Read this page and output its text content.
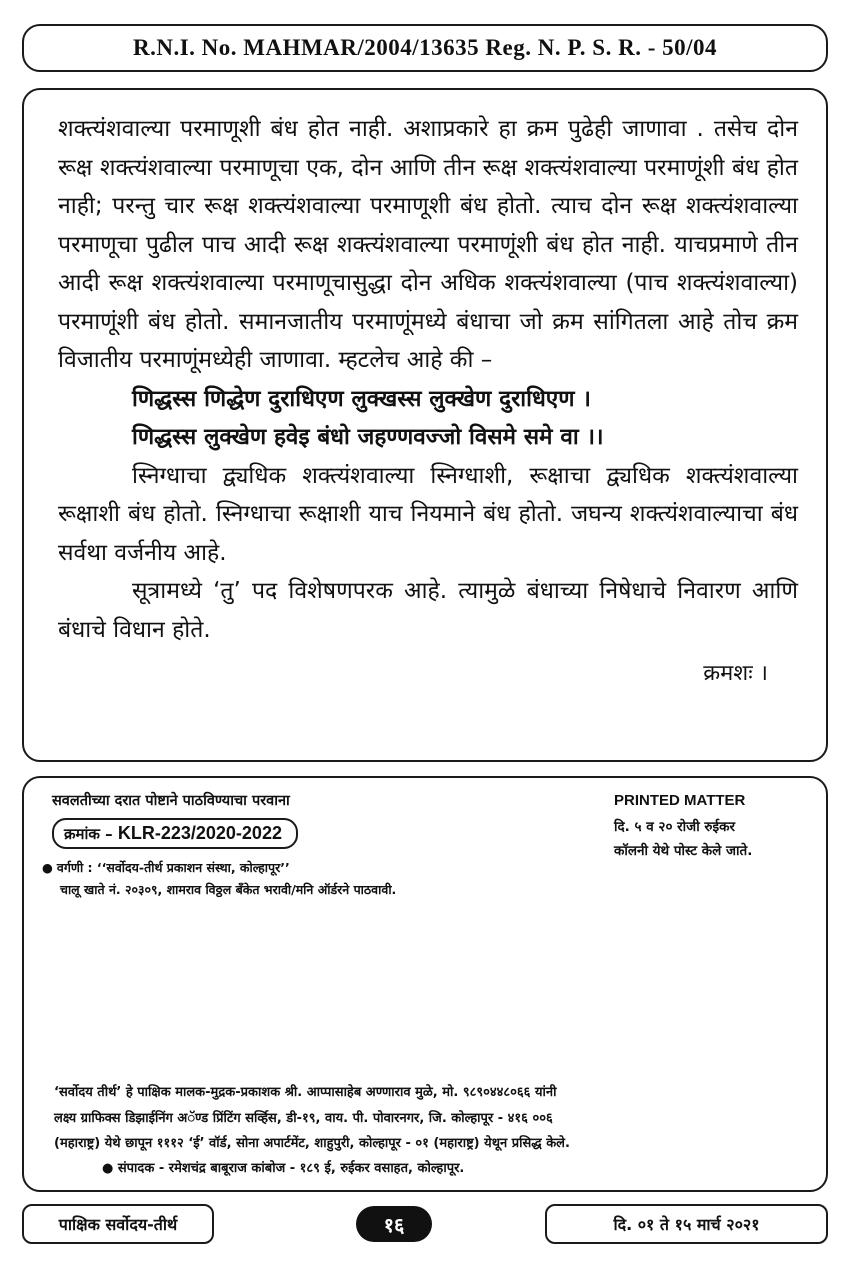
R.N.I. No. MAHMAR/2004/13635 Reg. N. P. S. R. - 50/04

शक्त्यंशवाल्या परमाणूशी बंध होत नाही. अशाप्रकारे हा क्रम पुढेही जाणावा . तसेच दोन रूक्ष शक्त्यंशवाल्या परमाणूचा एक, दोन आणि तीन रूक्ष शक्त्यंशवाल्या परमाणूंशी बंध होत नाही; परन्तु चार रूक्ष शक्त्यंशवाल्या परमाणूशी बंध होतो. त्याच दोन रूक्ष शक्त्यंशवाल्या परमाणूचा पुढील पाच आदी रूक्ष शक्त्यंशवाल्या परमाणूंशी बंध होत नाही. याचप्रमाणे तीन आदी रूक्ष शक्त्यंशवाल्या परमाणूचासुद्धा दोन अधिक शक्त्यंशवाल्या (पाच शक्त्यंशवाल्या) परमाणूंशी बंध होतो. समानजातीय परमाणूंमध्ये बंधाचा जो क्रम सांगितला आहे तोच क्रम विजातीय परमाणूंमध्येही जाणावा. म्हटलेच आहे की –

णिद्धस्स णिद्धेण दुराधिएण लुक्खस्स लुक्खेण दुराधिएण ।
णिद्धस्स लुक्खेण हवेइ बंधो जहण्णवज्जो विसमे समे वा ।।

स्निग्धाचा द्व्यधिक शक्त्यंशवाल्या स्निग्धाशी, रूक्षाचा द्व्यधिक शक्त्यंशवाल्या रूक्षाशी बंध होतो. स्निग्धाचा रूक्षाशी याच नियमाने बंध होतो. जघन्य शक्त्यंशवाल्याचा बंध सर्वथा वर्जनीय आहे.

सूत्रामध्ये ‘तु’ पद विशेषणपरक आहे. त्यामुळे बंधाच्या निषेधाचे निवारण आणि बंधाचे विधान होते.

क्रमशः ।
सवलतीच्या दरात पोष्टाने पाठविण्याचा परवाना
क्रमांक – KLR-223/2020-2022
● वर्गणी : ‘‘सर्वोदय-तीर्थ प्रकाशन संस्था, कोल्हापूर’’
चालू खाते नं. २०३०९, शामराव विठ्ठल बँकेत भरावी/मनि ऑर्डरने पाठवावी.
PRINTED MATTER
दि. ५ व २० रोजी रुईकर
कॉलनी येथे पोस्ट केले जाते.
‘सर्वोदय तीर्थ’ हे पाक्षिक मालक-मुद्रक-प्रकाशक श्री. आप्पासाहेब अण्णाराव मुळे, मो. ९८९०४४८०६६ यांनी
लक्ष्य ग्राफिक्स डिझाईनिंग अॅण्ड प्रिंटिंग सर्व्हिस, डी-१९, वाय. पी. पोवारनगर, जि. कोल्हापूर - ४१६ ००६
(महाराष्ट्र) येथे छापून १११२ ‘ई’ वॉर्ड, सोना अपार्टमेंट, शाहुपुरी, कोल्हापूर - ०१ (महाराष्ट्र) येथून प्रसिद्ध केले.
● संपादक - रमेशचंद्र बाबूराज कांबोज - १८९ ई, रुईकर वसाहत, कोल्हापूर.
पाक्षिक सर्वोदय-तीर्थ	१६	दि. ०१ ते १५ मार्च २०२१
